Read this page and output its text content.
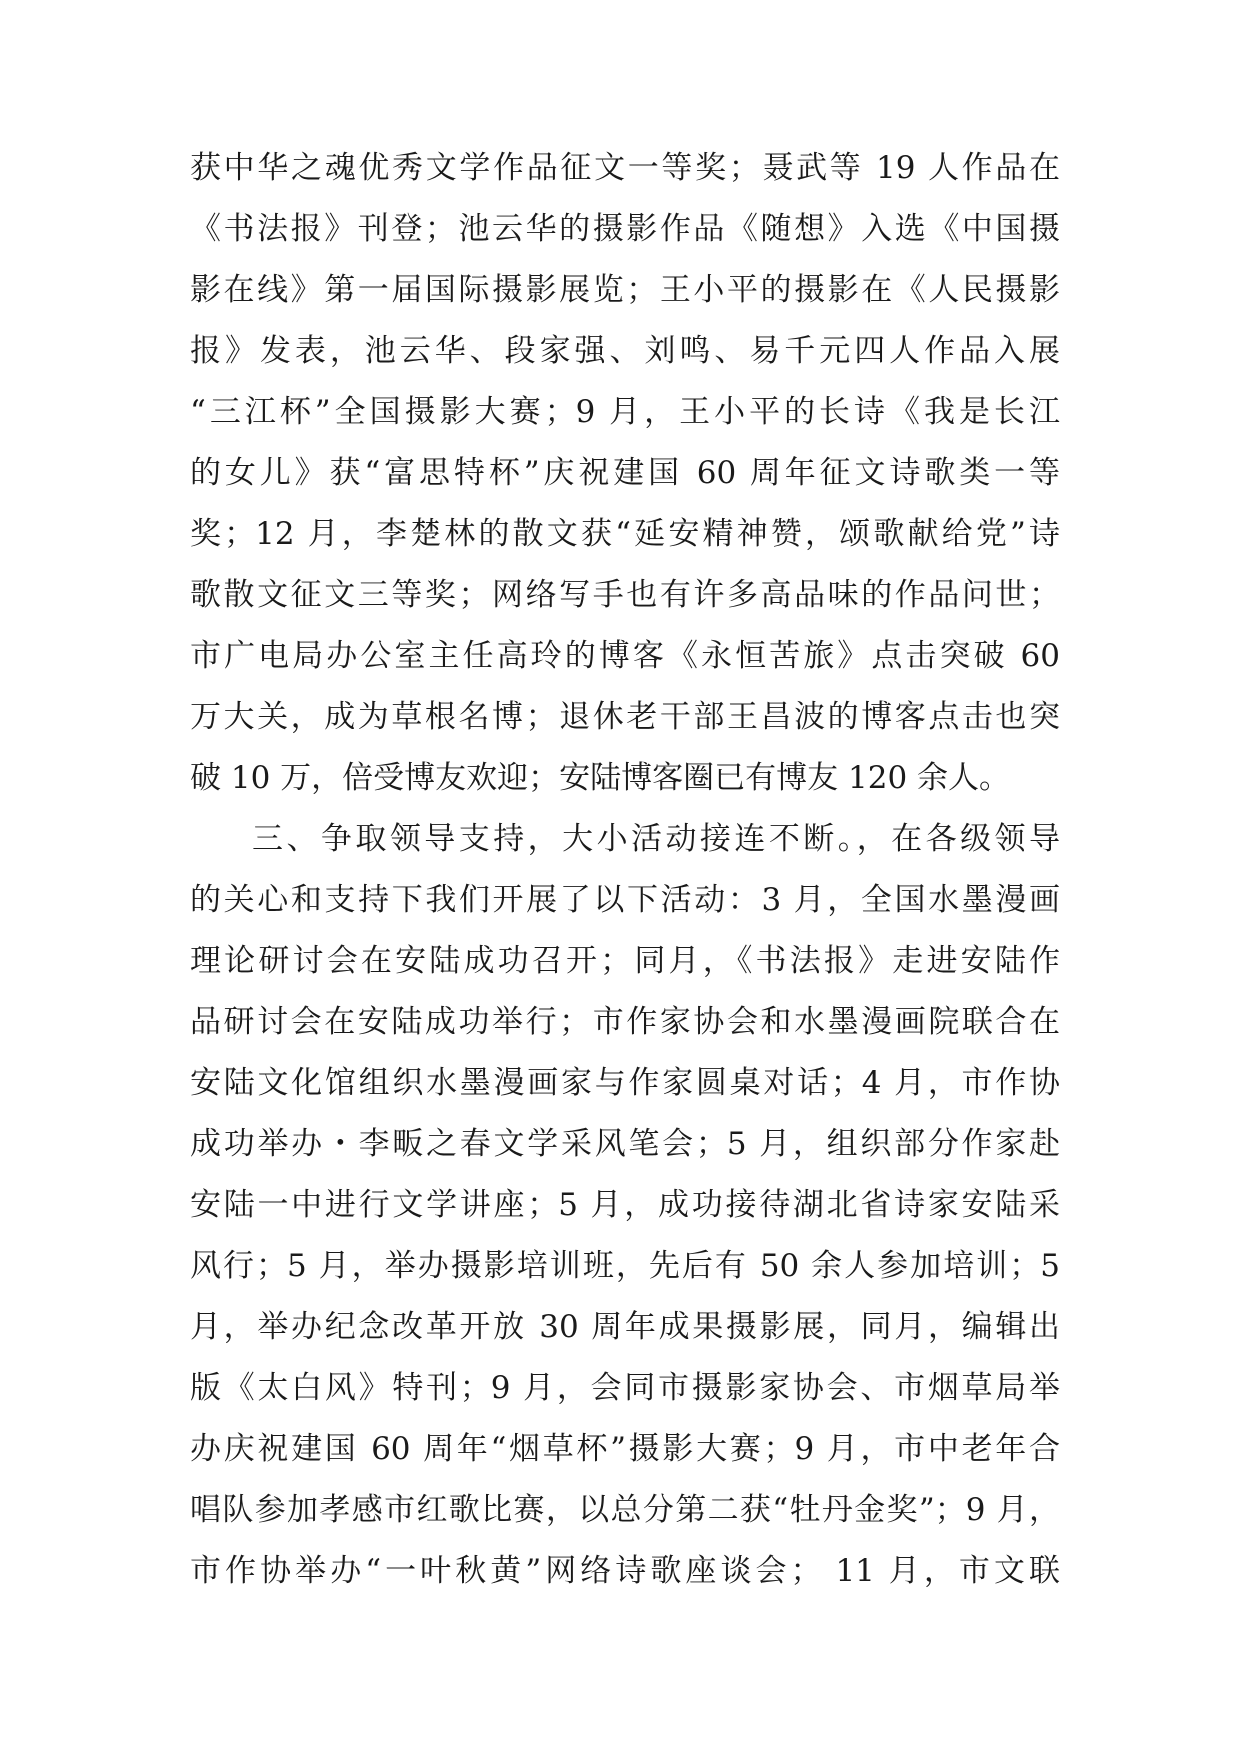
获中华之魂优秀文学作品征文一等奖；聂武等 19 人作品在
《书法报》刊登；池云华的摄影作品《随想》入选《中国摄
影在线》第一届国际摄影展览；王小平的摄影在《人民摄影
报》发表，池云华、段家强、刘鸣、易千元四人作品入展
“三江杯”全国摄影大赛；9 月，王小平的长诗《我是长江
的女儿》获“富思特杯”庆祝建国 60 周年征文诗歌类一等
奖；12 月，李楚林的散文获“延安精神赞，颂歌献给党”诗
歌散文征文三等奖；网络写手也有许多高品味的作品问世；
市广电局办公室主任高玲的博客《永恒苦旅》点击突破 60
万大关，成为草根名博；退休老干部王昌波的博客点击也突
破 10 万，倍受博友欢迎；安陆博客圈已有博友 120 余人。
三、争取领导支持，大小活动接连不断。，在各级领导
的关心和支持下我们开展了以下活动：3 月，全国水墨漫画
理论研讨会在安陆成功召开；同月，《书法报》走进安陆作
品研讨会在安陆成功举行；市作家协会和水墨漫画院联合在
安陆文化馆组织水墨漫画家与作家圆桌对话；4 月，市作协
成功举办・李畈之春文学采风笔会；5 月，组织部分作家赴
安陆一中进行文学讲座；5 月，成功接待湖北省诗家安陆采
风行；5 月，举办摄影培训班，先后有 50 余人参加培训；5
月，举办纪念改革开放 30 周年成果摄影展，同月，编辑出
版《太白风》特刊；9 月，会同市摄影家协会、市烟草局举
办庆祝建国 60 周年“烟草杯”摄影大赛；9 月，市中老年合
唱队参加孝感市红歌比赛，以总分第二获“牡丹金奖”；9 月，
市作协举办“一叶秋黄”网络诗歌座谈会； 11 月，市文联
